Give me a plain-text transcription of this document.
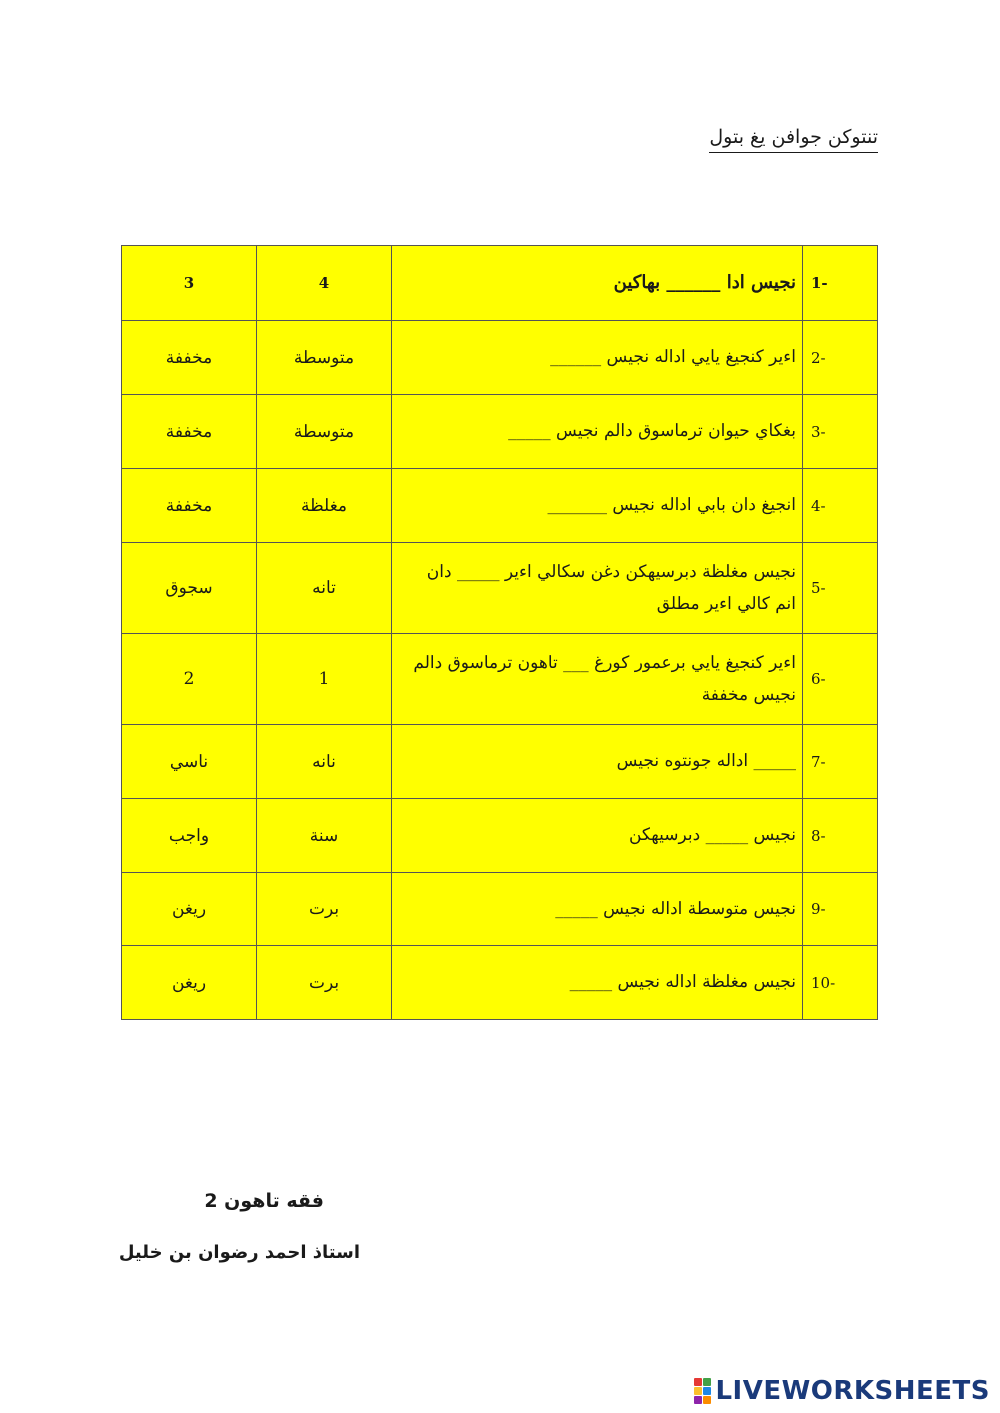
تنتوكن جوافن يغ بتول
3	4	نجيس ادا ______ بهاكين	1-
مخففة	متوسطة	اءير كنجيغ يايي اداله نجيس ______	2-
مخففة	متوسطة	بغكاي حيوان ترماسوق دالم نجيس _____	3-
مخففة	مغلظة	انجيغ دان بابي اداله نجيس _______	4-
سجوق	تانه	نجيس مغلظة دبرسيهكن دغن سكالي اءير _____ دان انم كالي اءير مطلق	5-
2	1	اءير كنجيغ يايي برعمور كورغ ___ تاهون ترماسوق دالم نجيس مخففة	6-
ناسي	نانه	_____ اداله جونتوه نجيس	7-
واجب	سنة	نجيس _____ دبرسيهكن	8-
ريغن	برت	نجيس متوسطة اداله نجيس _____	9-
ريغن	برت	نجيس مغلظة اداله نجيس _____	10-
فقه تاهون 2
استاذ احمد رضوان بن خليل
LIVEWORKSHEETS
